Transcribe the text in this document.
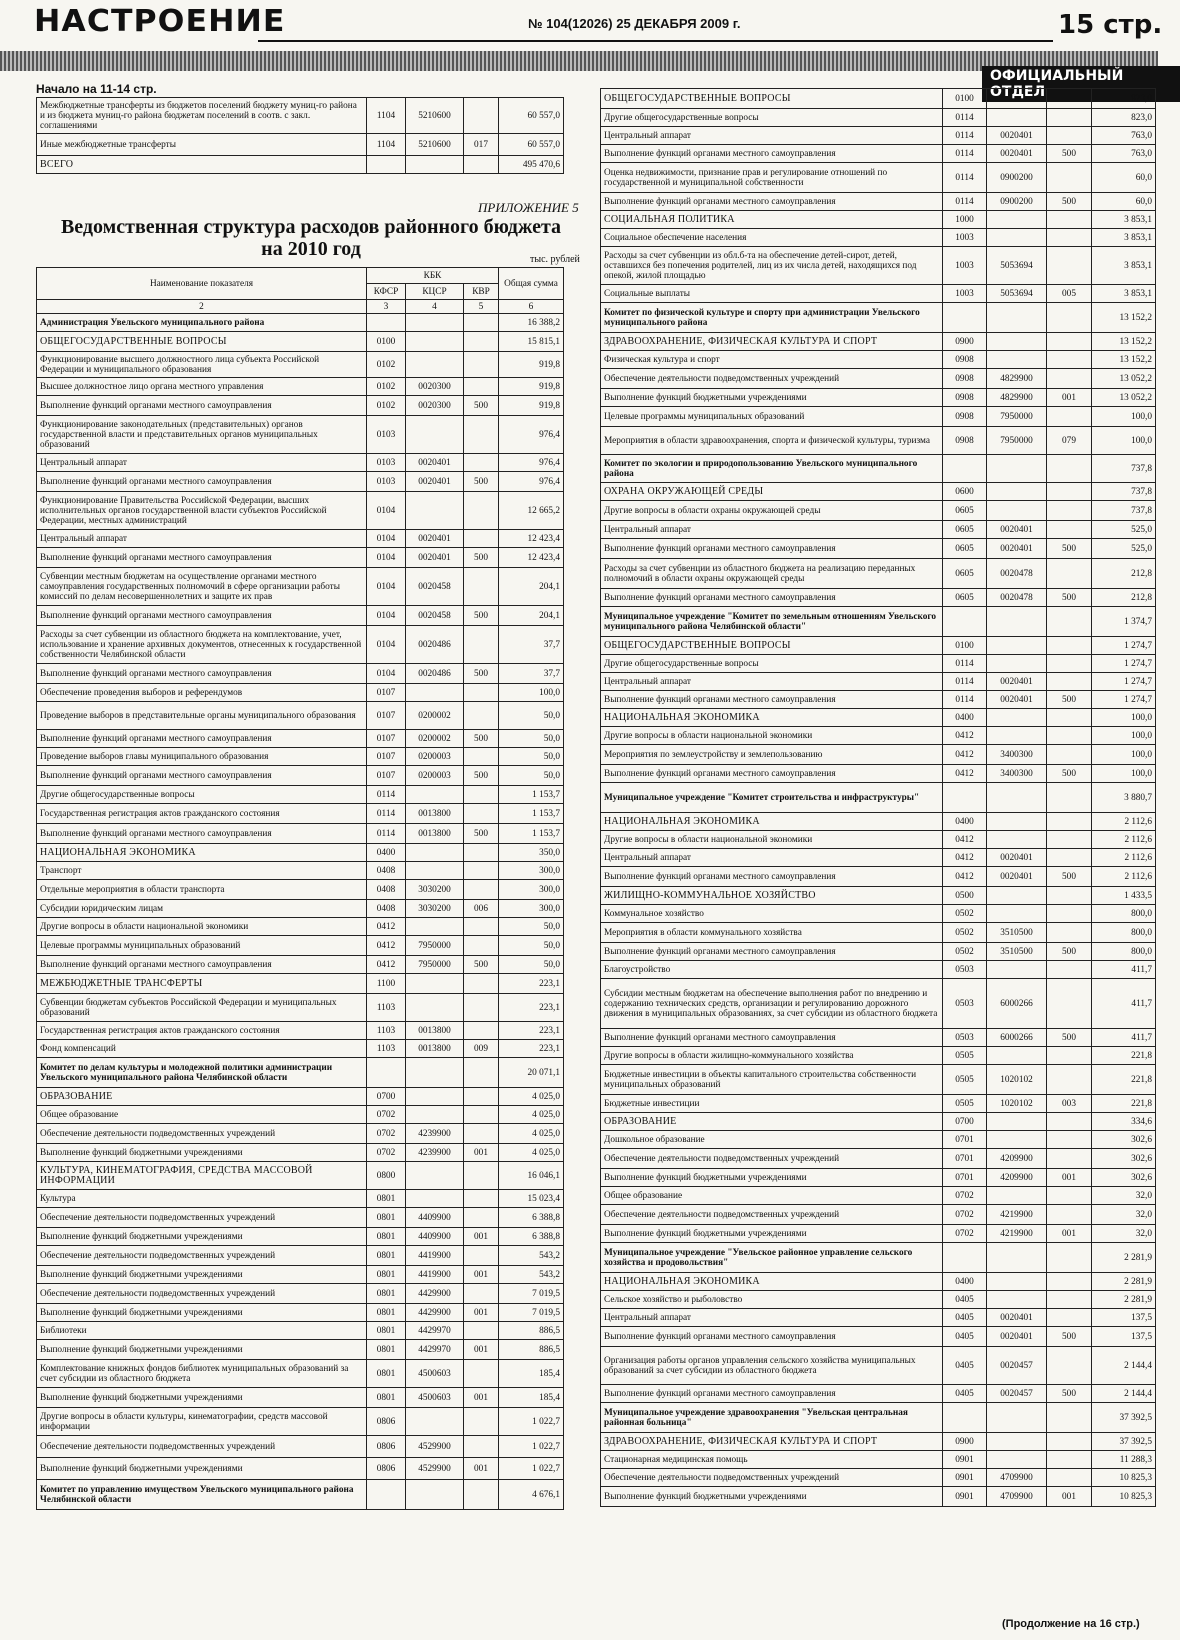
НАСТРОЕНИЕ	№ 104(12026) 25 ДЕКАБРЯ 2009 г.	15 стр.
ОФИЦИАЛЬНЫЙ ОТДЕЛ
Начало на 11-14 стр.
Межбюджетные трансферты из бюджетов поселений бюджету муниц-го района и из бюджета муниц-го района бюджетам поселений в соотв. с закл. соглашениями	1104	5210600		60 557,0
Иные межбюджетные трансферты	1104	5210600	017	60 557,0
ВСЕГО				495 470,6
ПРИЛОЖЕНИЕ 5
Ведомственная структура расходов районного бюджета
на 2010 год	тыс. рублей
Наименование показателя	КБК			Общая сумма
	КФСР	КЦСР	КВР	
2	3	4	5	6
Администрация Увельского муниципального района				16 388,2
ОБЩЕГОСУДАРСТВЕННЫЕ ВОПРОСЫ	0100			15 815,1
Функционирование высшего должностного лица субъекта Российской Федерации и муниципального образования	0102			919,8
Высшее должностное лицо органа местного управления	0102	0020300		919,8
Выполнение функций органами местного самоуправления	0102	0020300	500	919,8
Функционирование законодательных (представительных) органов государственной власти и представительных органов муниципальных образований	0103			976,4
Центральный аппарат	0103	0020401		976,4
Выполнение функций органами местного самоуправления	0103	0020401	500	976,4
Функционирование Правительства Российской Федерации, высших исполнительных органов государственной власти субъектов Российской Федерации, местных администраций	0104			12 665,2
Центральный аппарат	0104	0020401		12 423,4
Выполнение функций органами местного самоуправления	0104	0020401	500	12 423,4
Субвенции местным бюджетам на осуществление органами местного самоуправления государственных полномочий в сфере организации работы комиссий по делам несовершеннолетних и защите их прав	0104	0020458		204,1
Выполнение функций органами местного самоуправления	0104	0020458	500	204,1
Расходы за счет субвенции из областного бюджета на комплектование, учет, использование и хранение архивных документов, отнесенных к государственной собственности Челябинской области	0104	0020486		37,7
Выполнение функций органами местного самоуправления	0104	0020486	500	37,7
Обеспечение проведения выборов и референдумов	0107			100,0
Проведение выборов в представительные органы муниципального образования	0107	0200002		50,0
Выполнение функций органами местного самоуправления	0107	0200002	500	50,0
Проведение выборов главы муниципального образования	0107	0200003		50,0
Выполнение функций органами местного самоуправления	0107	0200003	500	50,0
Другие общегосударственные вопросы	0114			1 153,7
Государственная регистрация актов гражданского состояния	0114	0013800		1 153,7
Выполнение функций органами местного самоуправления	0114	0013800	500	1 153,7
НАЦИОНАЛЬНАЯ ЭКОНОМИКА	0400			350,0
Транспорт	0408			300,0
Отдельные мероприятия в области транспорта	0408	3030200		300,0
Субсидии юридическим лицам	0408	3030200	006	300,0
Другие вопросы в области национальной экономики	0412			50,0
Целевые программы муниципальных образований	0412	7950000		50,0
Выполнение функций органами местного самоуправления	0412	7950000	500	50,0
МЕЖБЮДЖЕТНЫЕ ТРАНСФЕРТЫ	1100			223,1
Субвенции бюджетам субъектов Российской Федерации и муниципальных образований	1103			223,1
Государственная регистрация актов гражданского состояния	1103	0013800		223,1
Фонд компенсаций	1103	0013800	009	223,1
Комитет по делам культуры и молодежной политики администрации Увельского муниципального района Челябинской области				20 071,1
ОБРАЗОВАНИЕ	0700			4 025,0
Общее образование	0702			4 025,0
Обеспечение деятельности подведомственных учреждений	0702	4239900		4 025,0
Выполнение функций бюджетными учреждениями	0702	4239900	001	4 025,0
КУЛЬТУРА, КИНЕМАТОГРАФИЯ, СРЕДСТВА МАССОВОЙ ИНФОРМАЦИИ	0800			16 046,1
Культура	0801			15 023,4
Обеспечение деятельности подведомственных учреждений	0801	4409900		6 388,8
Выполнение функций бюджетными учреждениями	0801	4409900	001	6 388,8
Обеспечение деятельности подведомственных учреждений	0801	4419900		543,2
Выполнение функций бюджетными учреждениями	0801	4419900	001	543,2
Обеспечение деятельности подведомственных учреждений	0801	4429900		7 019,5
Выполнение функций бюджетными учреждениями	0801	4429900	001	7 019,5
Библиотеки	0801	4429970		886,5
Выполнение функций бюджетными учреждениями	0801	4429970	001	886,5
Комплектование книжных фондов библиотек муниципальных образований за счет субсидии из областного бюджета	0801	4500603		185,4
Выполнение функций бюджетными учреждениями	0801	4500603	001	185,4
Другие вопросы в области культуры, кинематографии, средств массовой информации	0806			1 022,7
Обеспечение деятельности подведомственных учреждений	0806	4529900		1 022,7
Выполнение функций бюджетными учреждениями	0806	4529900	001	1 022,7
Комитет по управлению имуществом Увельского муниципального района Челябинской области				4 676,1
ОБЩЕГОСУДАРСТВЕННЫЕ ВОПРОСЫ	0100			823,0
Другие общегосударственные вопросы	0114			823,0
Центральный аппарат	0114	0020401		763,0
Выполнение функций органами местного самоуправления	0114	0020401	500	763,0
Оценка недвижимости, признание прав и регулирование отношений по государственной и муниципальной собственности	0114	0900200		60,0
Выполнение функций органами местного самоуправления	0114	0900200	500	60,0
СОЦИАЛЬНАЯ ПОЛИТИКА	1000			3 853,1
Социальное обеспечение населения	1003			3 853,1
Расходы за счет субвенции из обл.б-та на обеспечение детей-сирот, детей, оставшихся без попечения родителей, лиц из их числа детей, находящихся под опекой, жилой площадью	1003	5053694		3 853,1
Социальные выплаты	1003	5053694	005	3 853,1
Комитет по физической культуре и спорту при администрации Увельского муниципального района				13 152,2
ЗДРАВООХРАНЕНИЕ, ФИЗИЧЕСКАЯ КУЛЬТУРА И СПОРТ	0900			13 152,2
Физическая культура и спорт	0908			13 152,2
Обеспечение деятельности подведомственных учреждений	0908	4829900		13 052,2
Выполнение функций бюджетными учреждениями	0908	4829900	001	13 052,2
Целевые программы муниципальных образований	0908	7950000		100,0
Мероприятия в области здравоохранения, спорта и физической культуры, туризма	0908	7950000	079	100,0
Комитет по экологии и природопользованию Увельского муниципального района				737,8
ОХРАНА ОКРУЖАЮЩЕЙ СРЕДЫ	0600			737,8
Другие вопросы в области охраны окружающей среды	0605			737,8
Центральный аппарат	0605	0020401		525,0
Выполнение функций органами местного самоуправления	0605	0020401	500	525,0
Расходы за счет субвенции из областного бюджета на реализацию переданных полномочий в области охраны окружающей среды	0605	0020478		212,8
Выполнение функций органами местного самоуправления	0605	0020478	500	212,8
Муниципальное учреждение "Комитет по земельным отношениям Увельского муниципального района Челябинской области"				1 374,7
ОБЩЕГОСУДАРСТВЕННЫЕ ВОПРОСЫ	0100			1 274,7
Другие общегосударственные вопросы	0114			1 274,7
Центральный аппарат	0114	0020401		1 274,7
Выполнение функций органами местного самоуправления	0114	0020401	500	1 274,7
НАЦИОНАЛЬНАЯ ЭКОНОМИКА	0400			100,0
Другие вопросы в области национальной экономики	0412			100,0
Мероприятия по землеустройству и землепользованию	0412	3400300		100,0
Выполнение функций органами местного самоуправления	0412	3400300	500	100,0
Муниципальное учреждение "Комитет строительства и инфраструктуры"				3 880,7
НАЦИОНАЛЬНАЯ ЭКОНОМИКА	0400			2 112,6
Другие вопросы в области национальной экономики	0412			2 112,6
Центральный аппарат	0412	0020401		2 112,6
Выполнение функций органами местного самоуправления	0412	0020401	500	2 112,6
ЖИЛИЩНО-КОММУНАЛЬНОЕ ХОЗЯЙСТВО	0500			1 433,5
Коммунальное хозяйство	0502			800,0
Мероприятия в области коммунального хозяйства	0502	3510500		800,0
Выполнение функций органами местного самоуправления	0502	3510500	500	800,0
Благоустройство	0503			411,7
Субсидии местным бюджетам на обеспечение выполнения работ по внедрению и содержанию технических средств, организации и регулированию дорожного движения в муниципальных образованиях, за счет субсидии из областного бюджета	0503	6000266		411,7
Выполнение функций органами местного самоуправления	0503	6000266	500	411,7
Другие вопросы в области жилищно-коммунального хозяйства	0505			221,8
Бюджетные инвестиции в объекты капитального строительства собственности муниципальных образований	0505	1020102		221,8
Бюджетные инвестиции	0505	1020102	003	221,8
ОБРАЗОВАНИЕ	0700			334,6
Дошкольное образование	0701			302,6
Обеспечение деятельности подведомственных учреждений	0701	4209900		302,6
Выполнение функций бюджетными учреждениями	0701	4209900	001	302,6
Общее образование	0702			32,0
Обеспечение деятельности подведомственных учреждений	0702	4219900		32,0
Выполнение функций бюджетными учреждениями	0702	4219900	001	32,0
Муниципальное учреждение "Увельское районное управление сельского хозяйства и продовольствия"				2 281,9
НАЦИОНАЛЬНАЯ ЭКОНОМИКА	0400			2 281,9
Сельское хозяйство и рыболовство	0405			2 281,9
Центральный аппарат	0405	0020401		137,5
Выполнение функций органами местного самоуправления	0405	0020401	500	137,5
Организация работы органов управления сельского хозяйства муниципальных образований за счет субсидии из областного бюджета	0405	0020457		2 144,4
Выполнение функций органами местного самоуправления	0405	0020457	500	2 144,4
Муниципальное учреждение здравоохранения "Увельская центральная районная больница"				37 392,5
ЗДРАВООХРАНЕНИЕ, ФИЗИЧЕСКАЯ КУЛЬТУРА И СПОРТ	0900			37 392,5
Стационарная медицинская помощь	0901			11 288,3
Обеспечение деятельности подведомственных учреждений	0901	4709900		10 825,3
Выполнение функций бюджетными учреждениями	0901	4709900	001	10 825,3
(Продолжение на 16 стр.)
